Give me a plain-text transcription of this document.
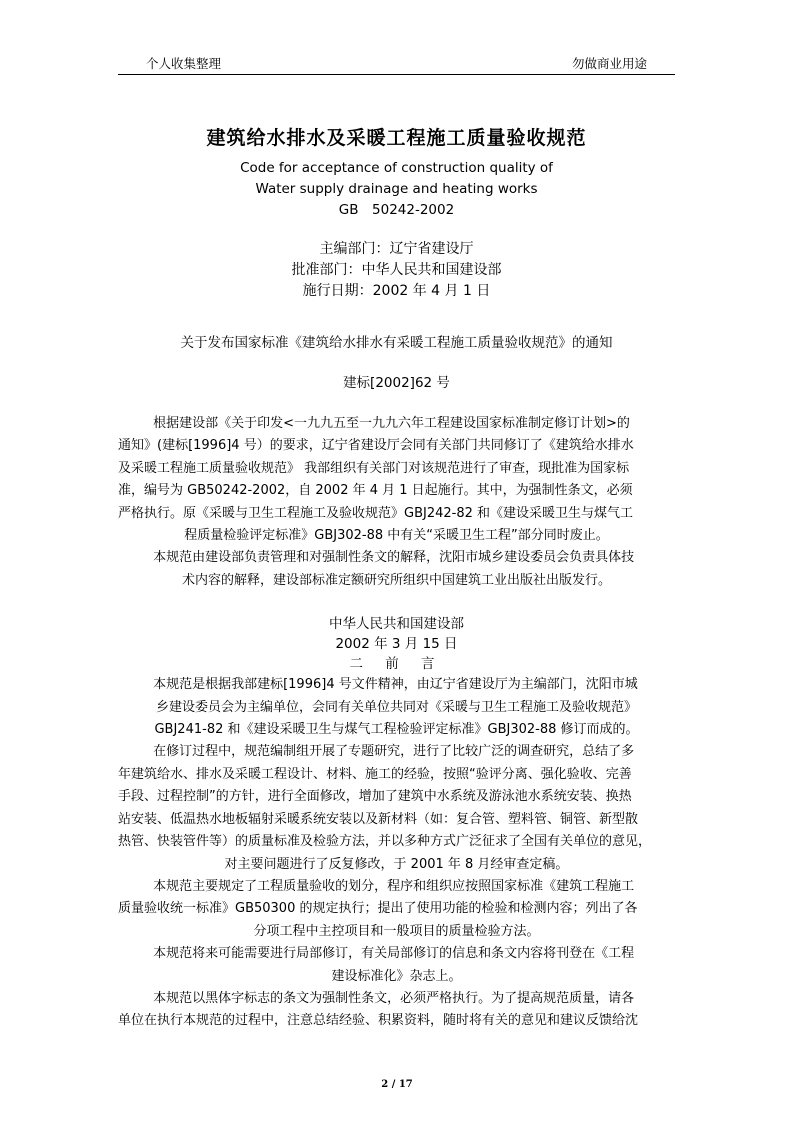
个人收集整理	勿做商业用途
建筑给水排水及采暖工程施工质量验收规范
Code for acceptance of construction quality of
Water supply drainage and heating works
GB　50242-2002
主编部门：辽宁省建设厅
批准部门：中华人民共和国建设部
施行日期：2002 年 4 月 1 日
关于发布国家标准《建筑给水排水有采暖工程施工质量验收规范》的通知
建标[2002]62 号
根据建设部《关于印发<一九九五至一九九六年工程建设国家标准制定修订计划>的
通知》(建标[1996]4 号）的要求，辽宁省建设厅会同有关部门共同修订了《建筑给水排水
及采暖工程施工质量验收规范》 我部组织有关部门对该规范进行了审查，现批准为国家标
准，编号为 GB50242-2002，自 2002 年 4 月 1 日起施行。其中，为强制性条文，必须
严格执行。原《采暖与卫生工程施工及验收规范》GBJ242-82 和《建设采暖卫生与煤气工
程质量检验评定标准》GBJ302-88 中有关“采暖卫生工程”部分同时废止。
本规范由建设部负责管理和对强制性条文的解释，沈阳市城乡建设委员会负责具体技
术内容的解释，建设部标准定额研究所组织中国建筑工业出版社出版发行。
中华人民共和国建设部
2002 年 3 月 15 日
二 前 言
本规范是根据我部建标[1996]4 号文件精神，由辽宁省建设厅为主编部门，沈阳市城
乡建设委员会为主编单位，会同有关单位共同对《采暖与卫生工程施工及验收规范》
GBJ241-82 和《建设采暖卫生与煤气工程检验评定标准》GBJ302-88 修订而成的。
在修订过程中，规范编制组开展了专题研究，进行了比较广泛的调查研究，总结了多
年建筑给水、排水及采暖工程设计、材料、施工的经验，按照“验评分离、强化验收、完善
手段、过程控制”的方针，进行全面修改，增加了建筑中水系统及游泳池水系统安装、换热
站安装、低温热水地板辐射采暖系统安装以及新材料（如：复合管、塑料管、铜管、新型散
热管、快装管件等）的质量标准及检验方法，并以多种方式广泛征求了全国有关单位的意见，
对主要问题进行了反复修改，于 2001 年 8 月经审查定稿。
本规范主要规定了工程质量验收的划分，程序和组织应按照国家标准《建筑工程施工
质量验收统一标准》GB50300 的规定执行；提出了使用功能的检验和检测内容；列出了各
分项工程中主控项目和一般项目的质量检验方法。
本规范将来可能需要进行局部修订，有关局部修订的信息和条文内容将刊登在《工程
建设标准化》杂志上。
本规范以黑体字标志的条文为强制性条文，必须严格执行。为了提高规范质量，请各
单位在执行本规范的过程中，注意总结经验、积累资料，随时将有关的意见和建议反馈给沈
2 / 17
